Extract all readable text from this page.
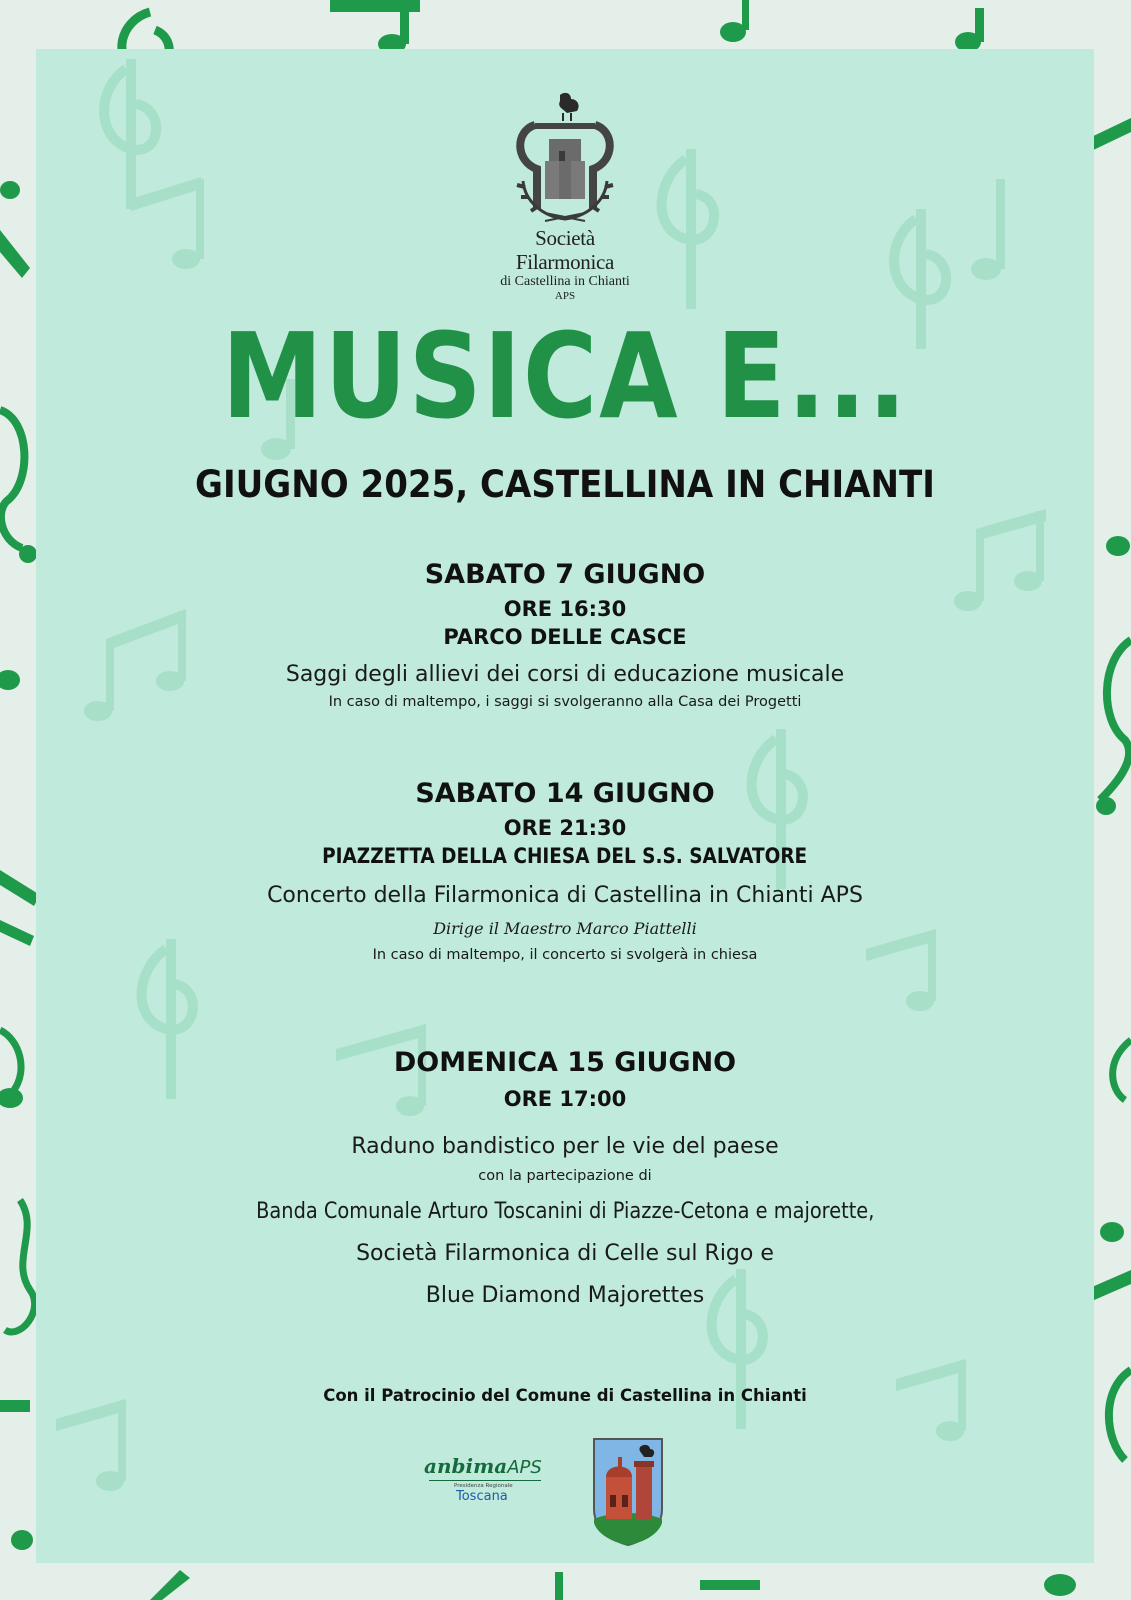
Società Filarmonica
di Castellina in Chianti
APS
MUSICA E...
GIUGNO 2025, CASTELLINA IN CHIANTI
SABATO 7 GIUGNO
ORE 16:30
PARCO DELLE CASCE
Saggi degli allievi dei corsi di educazione musicale
In caso di maltempo, i saggi si svolgeranno alla Casa dei Progetti
SABATO 14 GIUGNO
ORE 21:30
PIAZZETTA DELLA CHIESA DEL S.S. SALVATORE
Concerto della Filarmonica di Castellina in Chianti APS
Dirige il Maestro Marco Piattelli
In caso di maltempo, il concerto si svolgerà in chiesa
DOMENICA 15 GIUGNO
ORE 17:00
Raduno bandistico per le vie del paese
con la partecipazione di
Banda Comunale Arturo Toscanini di Piazze-Cetona e majorette,
Società Filarmonica di Celle sul Rigo e
Blue Diamond Majorettes
Con il Patrocinio del Comune di Castellina in Chianti
anbimaAPS
Presidenza Regionale
Toscana
